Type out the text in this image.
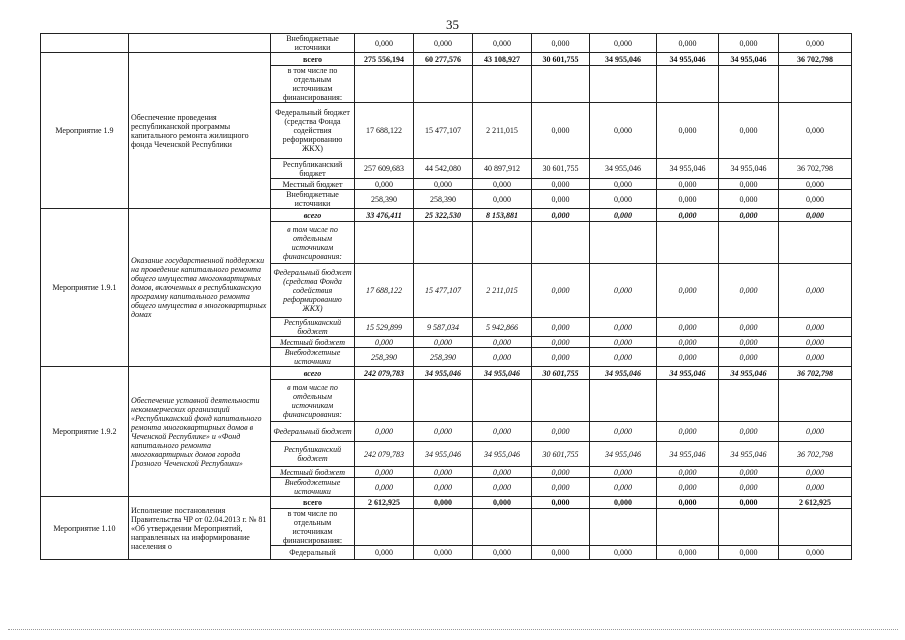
35
		Внебюджетные источники	0,000	0,000	0,000	0,000	0,000	0,000	0,000	0,000
Мероприятие 1.9	Обеспечение проведения республиканской программы капитального ремонта жилищного фонда Чеченской Республики	всего	275 556,194	60 277,576	43 108,927	30 601,755	34 955,046	34 955,046	34 955,046	36 702,798
		в том числе по отдельным источникам финансирования:								
		Федеральный бюджет (средства Фонда содействия реформированию ЖКХ)	17 688,122	15 477,107	2 211,015	0,000	0,000	0,000	0,000	0,000
		Республиканский бюджет	257 609,683	44 542,080	40 897,912	30 601,755	34 955,046	34 955,046	34 955,046	36 702,798
		Местный бюджет	0,000	0,000	0,000	0,000	0,000	0,000	0,000	0,000
		Внебюджетные источники	258,390	258,390	0,000	0,000	0,000	0,000	0,000	0,000
Мероприятие 1.9.1	Оказание государственной поддержки на проведение капитального ремонта общего имущества многоквартирных домов, включенных в республиканскую программу капитального ремонта общего имущества в многоквартирных домах	всего	33 476,411	25 322,530	8 153,881	0,000	0,000	0,000	0,000	0,000
		в том числе по отдельным источникам финансирования:								
		Федеральный бюджет (средства Фонда содействия реформированию ЖКХ)	17 688,122	15 477,107	2 211,015	0,000	0,000	0,000	0,000	0,000
		Республиканский бюджет	15 529,899	9 587,034	5 942,866	0,000	0,000	0,000	0,000	0,000
		Местный бюджет	0,000	0,000	0,000	0,000	0,000	0,000	0,000	0,000
		Внебюджетные источники	258,390	258,390	0,000	0,000	0,000	0,000	0,000	0,000
Мероприятие 1.9.2	Обеспечение уставной деятельности некоммерческих организаций «Республиканский фонд капитального ремонта многоквартирных домов в Чеченской Республике» и «Фонд капитального ремонта многоквартирных домов города Грозного Чеченской Республики»	всего	242 079,783	34 955,046	34 955,046	30 601,755	34 955,046	34 955,046	34 955,046	36 702,798
		в том числе по отдельным источникам финансирования:								
		Федеральный бюджет	0,000	0,000	0,000	0,000	0,000	0,000	0,000	0,000
		Республиканский бюджет	242 079,783	34 955,046	34 955,046	30 601,755	34 955,046	34 955,046	34 955,046	36 702,798
		Местный бюджет	0,000	0,000	0,000	0,000	0,000	0,000	0,000	0,000
		Внебюджетные источники	0,000	0,000	0,000	0,000	0,000	0,000	0,000	0,000
Мероприятие 1.10	Исполнение постановления Правительства ЧР от 02.04.2013 г. № 81 «Об утверждении Мероприятий, направленных на информирование населения о	всего	2 612,925	0,000	0,000	0,000	0,000	0,000	0,000	2 612,925
		в том числе по отдельным источникам финансирования:								
		Федеральный	0,000	0,000	0,000	0,000	0,000	0,000	0,000	0,000
